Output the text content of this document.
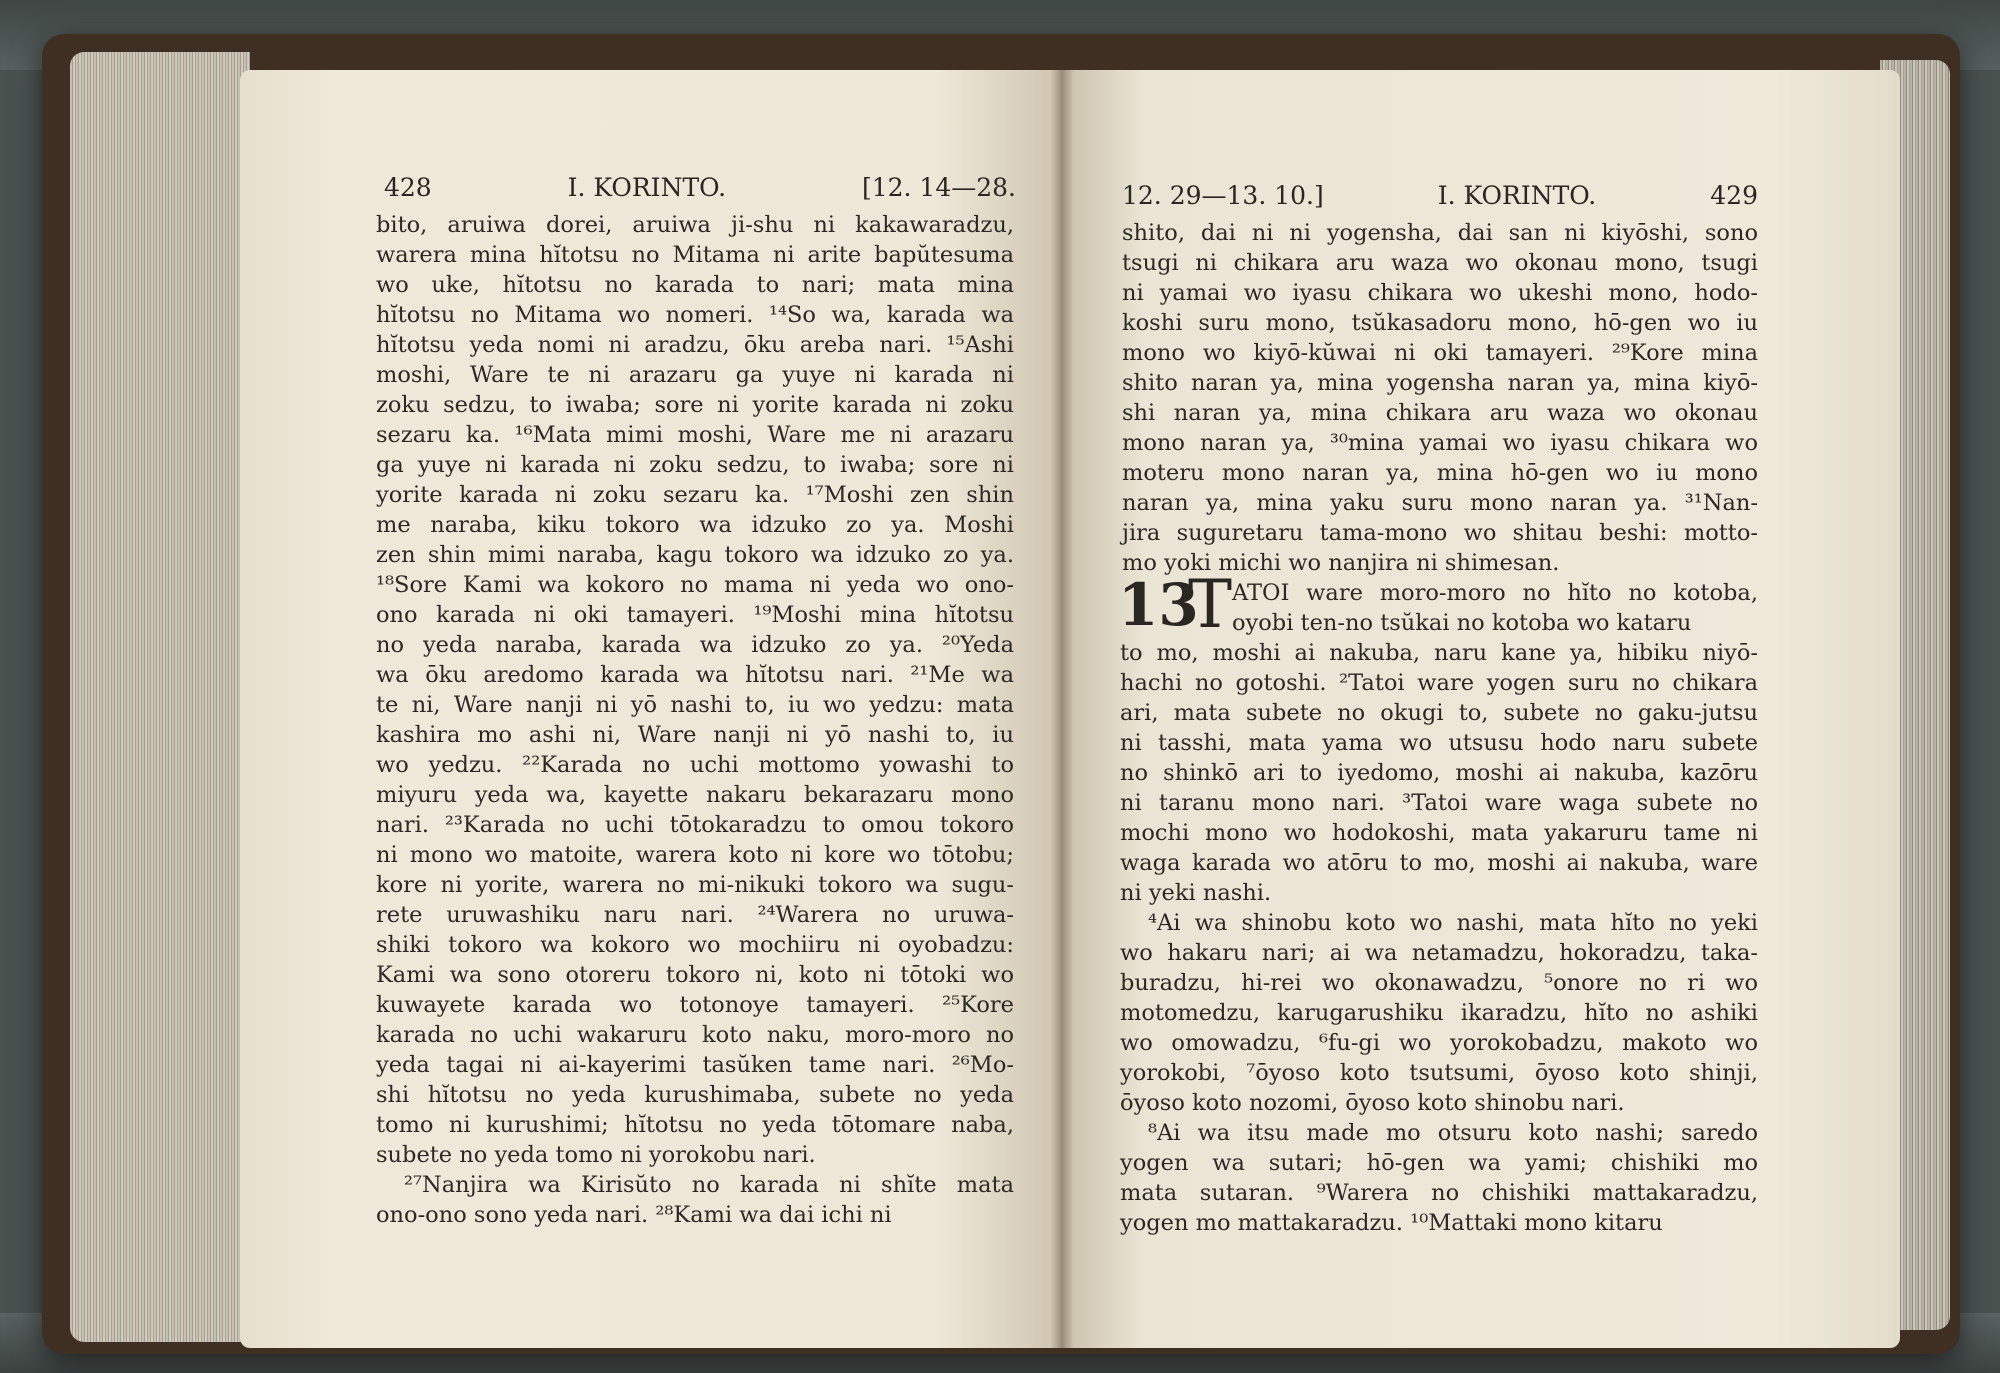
428	I. KORINTO.	[12. 14—28.
bito, aruiwa dorei, aruiwa ji-shu ni kakawaradzu,
warera mina hĭtotsu no Mitama ni arite bapŭtesuma
wo uke, hĭtotsu no karada to nari; mata mina
hĭtotsu no Mitama wo nomeri. ¹⁴So wa, karada wa
hĭtotsu yeda nomi ni aradzu, ōku areba nari. ¹⁵Ashi
moshi, Ware te ni arazaru ga yuye ni karada ni
zoku sedzu, to iwaba; sore ni yorite karada ni zoku
sezaru ka. ¹⁶Mata mimi moshi, Ware me ni arazaru
ga yuye ni karada ni zoku sedzu, to iwaba; sore ni
yorite karada ni zoku sezaru ka. ¹⁷Moshi zen shin
me naraba, kiku tokoro wa idzuko zo ya. Moshi
zen shin mimi naraba, kagu tokoro wa idzuko zo ya.
¹⁸Sore Kami wa kokoro no mama ni yeda wo ono-
ono karada ni oki tamayeri. ¹⁹Moshi mina hĭtotsu
no yeda naraba, karada wa idzuko zo ya. ²⁰Yeda
wa ōku aredomo karada wa hĭtotsu nari. ²¹Me wa
te ni, Ware nanji ni yō nashi to, iu wo yedzu: mata
kashira mo ashi ni, Ware nanji ni yō nashi to, iu
wo yedzu. ²²Karada no uchi mottomo yowashi to
miyuru yeda wa, kayette nakaru bekarazaru mono
nari. ²³Karada no uchi tōtokaradzu to omou tokoro
ni mono wo matoite, warera koto ni kore wo tōtobu;
kore ni yorite, warera no mi-nikuki tokoro wa sugu-
rete uruwashiku naru nari. ²⁴Warera no uruwa-
shiki tokoro wa kokoro wo mochiiru ni oyobadzu:
Kami wa sono otoreru tokoro ni, koto ni tōtoki wo
kuwayete karada wo totonoye tamayeri. ²⁵Kore
karada no uchi wakaruru koto naku, moro-moro no
yeda tagai ni ai-kayerimi tasŭken tame nari. ²⁶Mo-
shi hĭtotsu no yeda kurushimaba, subete no yeda
tomo ni kurushimi; hĭtotsu no yeda tōtomare naba,
subete no yeda tomo ni yorokobu nari.
²⁷Nanjira wa Kirisŭto no karada ni shĭte mata
ono-ono sono yeda nari. ²⁸Kami wa dai ichi ni
12. 29—13. 10.]	I. KORINTO.	429
shito, dai ni ni yogensha, dai san ni kiyōshi, sono
tsugi ni chikara aru waza wo okonau mono, tsugi
ni yamai wo iyasu chikara wo ukeshi mono, hodo-
koshi suru mono, tsŭkasadoru mono, hō-gen wo iu
mono wo kiyō-kŭwai ni oki tamayeri. ²⁹Kore mina
shito naran ya, mina yogensha naran ya, mina kiyō-
shi naran ya, mina chikara aru waza wo okonau
mono naran ya, ³⁰mina yamai wo iyasu chikara wo
moteru mono naran ya, mina hō-gen wo iu mono
naran ya, mina yaku suru mono naran ya. ³¹Nan-
jira suguretaru tama-mono wo shitau beshi: motto-
mo yoki michi wo nanjira ni shimesan.
13
T ATOI ware moro-moro no hĭto no kotoba,
oyobi ten-no tsŭkai no kotoba wo kataru
to mo, moshi ai nakuba, naru kane ya, hibiku niyō-
hachi no gotoshi. ²Tatoi ware yogen suru no chikara
ari, mata subete no okugi to, subete no gaku-jutsu
ni tasshi, mata yama wo utsusu hodo naru subete
no shinkō ari to iyedomo, moshi ai nakuba, kazōru
ni taranu mono nari. ³Tatoi ware waga subete no
mochi mono wo hodokoshi, mata yakaruru tame ni
waga karada wo atōru to mo, moshi ai nakuba, ware
ni yeki nashi.
⁴Ai wa shinobu koto wo nashi, mata hĭto no yeki
wo hakaru nari; ai wa netamadzu, hokoradzu, taka-
buradzu, hi-rei wo okonawadzu, ⁵onore no ri wo
motomedzu, karugarushiku ikaradzu, hĭto no ashiki
wo omowadzu, ⁶fu-gi wo yorokobadzu, makoto wo
yorokobi, ⁷ōyoso koto tsutsumi, ōyoso koto shinji,
ōyoso koto nozomi, ōyoso koto shinobu nari.
⁸Ai wa itsu made mo otsuru koto nashi; saredo
yogen wa sutari; hō-gen wa yami; chishiki mo
mata sutaran. ⁹Warera no chishiki mattakaradzu,
yogen mo mattakaradzu. ¹⁰Mattaki mono kitaru
